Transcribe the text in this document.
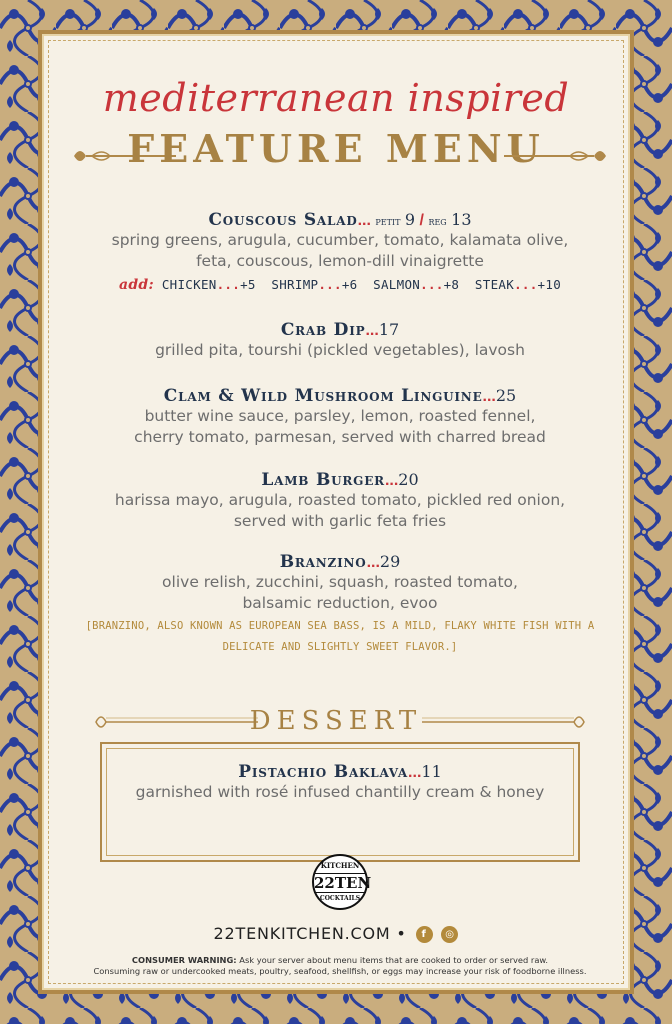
mediterranean inspired
FEATURE MENU
Couscous Salad... petit 9 / reg 13
spring greens, arugula, cucumber, tomato, kalamata olive,
feta, couscous, lemon-dill vinaigrette
add: CHICKEN...+5 SHRIMP...+6 SALMON...+8 STEAK...+10
Crab Dip...17
grilled pita, tourshi (pickled vegetables), lavosh
Clam & Wild Mushroom Linguine...25
butter wine sauce, parsley, lemon, roasted fennel,
cherry tomato, parmesan, served with charred bread
Lamb Burger...20
harissa mayo, arugula, roasted tomato, pickled red onion,
served with garlic feta fries
Branzino...29
olive relish, zucchini, squash, roasted tomato,
balsamic reduction, evoo
[BRANZINO, ALSO KNOWN AS EUROPEAN SEA BASS, IS A MILD, FLAKY WHITE FISH WITH A
DELICATE AND SLIGHTLY SWEET FLAVOR.]
DESSERT
Pistachio Baklava...11
garnished with rosé infused chantilly cream & honey
KITCHEN
22TEN
COCKTAILS
22TENKITCHEN.COM • f ◎
CONSUMER WARNING: Ask your server about menu items that are cooked to order or served raw.
Consuming raw or undercooked meats, poultry, seafood, shellfish, or eggs may increase your risk of foodborne illness.
